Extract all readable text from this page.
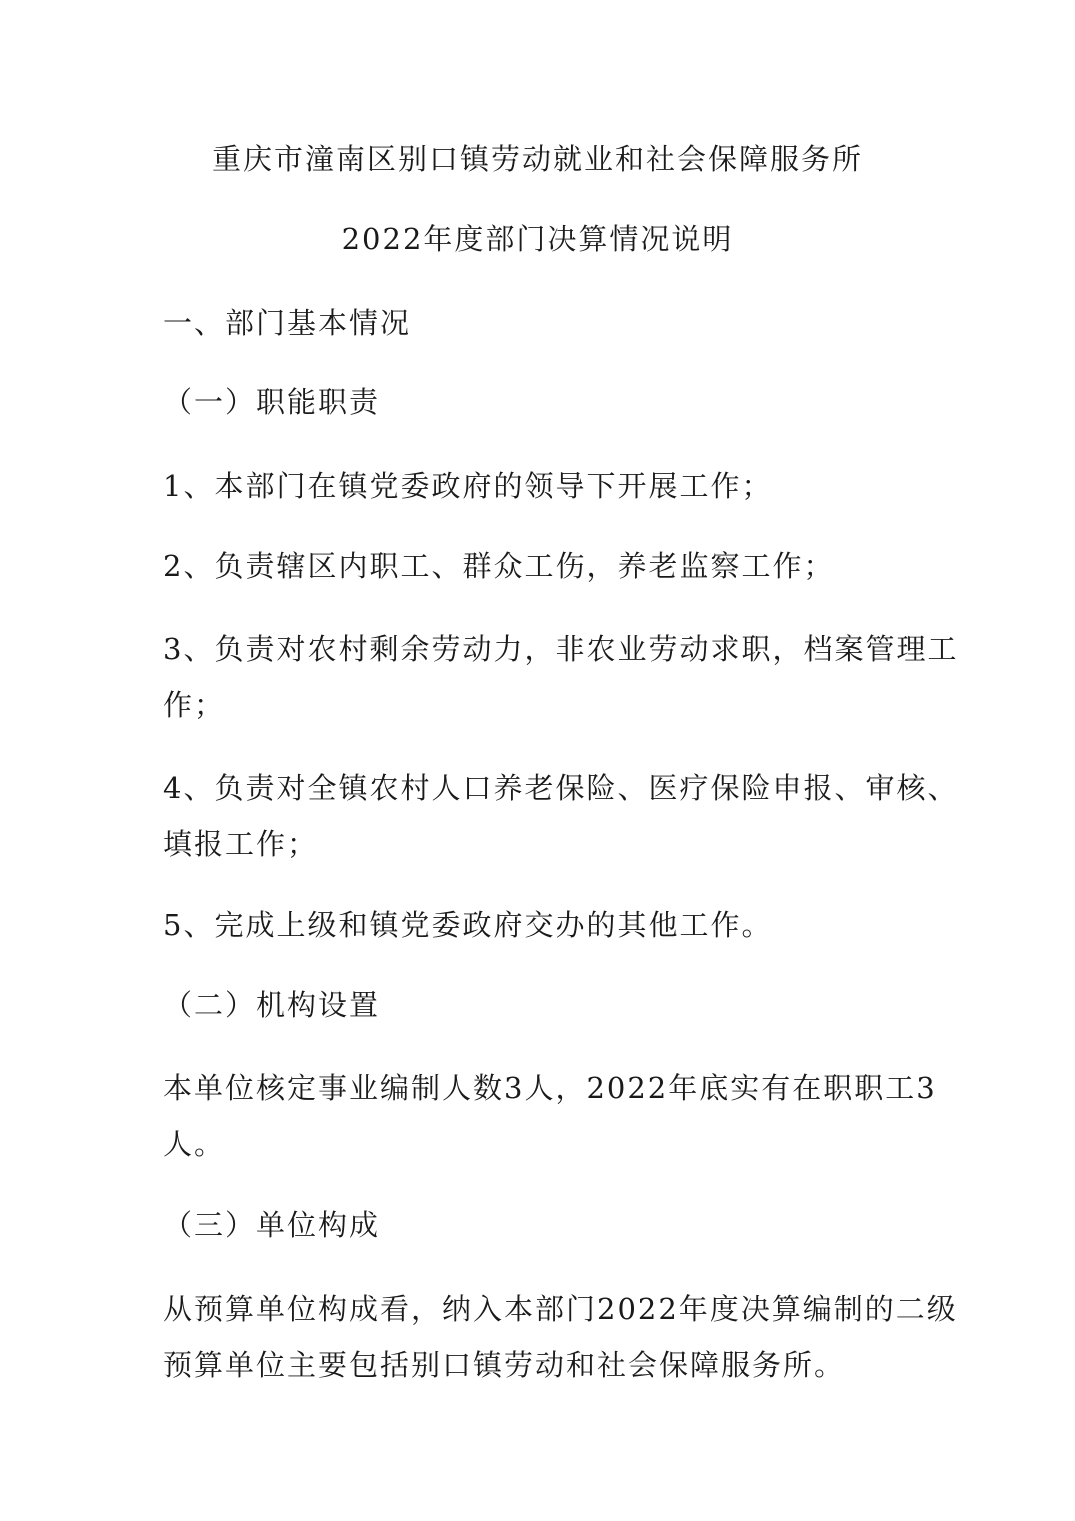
重庆市潼南区别口镇劳动就业和社会保障服务所
2022年度部门决算情况说明
一、部门基本情况
（一）职能职责
1、本部门在镇党委政府的领导下开展工作；
2、负责辖区内职工、群众工伤，养老监察工作；
3、负责对农村剩余劳动力，非农业劳动求职，档案管理工
作；
4、负责对全镇农村人口养老保险、医疗保险申报、审核、
填报工作；
5、完成上级和镇党委政府交办的其他工作。
（二）机构设置
本单位核定事业编制人数3人，2022年底实有在职职工3
人。
（三）单位构成
从预算单位构成看，纳入本部门2022年度决算编制的二级
预算单位主要包括别口镇劳动和社会保障服务所。
